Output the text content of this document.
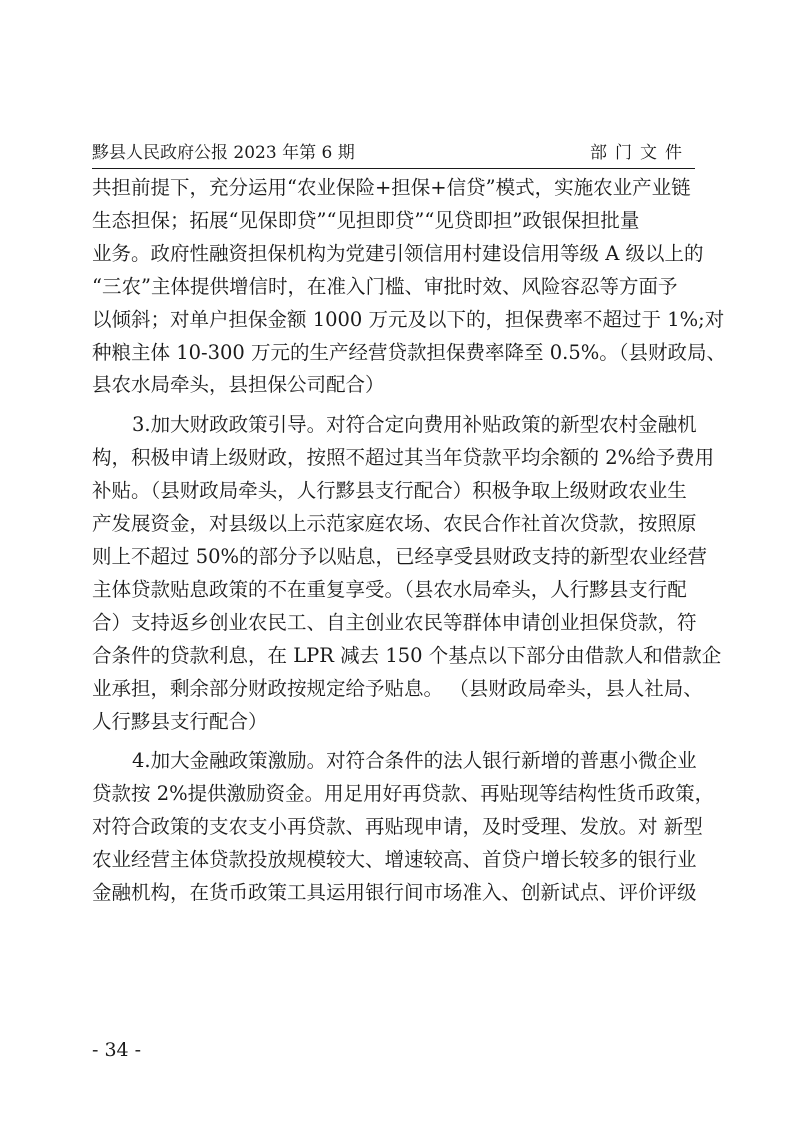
黟县人民政府公报 2023 年第 6 期	部门文件

共担前提下，充分运用“农业保险+担保+信贷”模式，实施农业产业链
生态担保；拓展“见保即贷”“见担即贷”“见贷即担”政银保担批量
业务。政府性融资担保机构为党建引领信用村建设信用等级 A 级以上的
“三农”主体提供增信时，在准入门槛、审批时效、风险容忍等方面予
以倾斜；对单户担保金额 1000 万元及以下的，担保费率不超过于 1%;对
种粮主体 10-300 万元的生产经营贷款担保费率降至 0.5%。（县财政局、
县农水局牵头，县担保公司配合）

3.加大财政政策引导。对符合定向费用补贴政策的新型农村金融机
构，积极申请上级财政，按照不超过其当年贷款平均余额的 2%给予费用
补贴。（县财政局牵头，人行黟县支行配合）积极争取上级财政农业生
产发展资金，对县级以上示范家庭农场、农民合作社首次贷款，按照原
则上不超过 50%的部分予以贴息，已经享受县财政支持的新型农业经营
主体贷款贴息政策的不在重复享受。（县农水局牵头，人行黟县支行配
合）支持返乡创业农民工、自主创业农民等群体申请创业担保贷款，符
合条件的贷款利息，在 LPR 减去 150 个基点以下部分由借款人和借款企
业承担，剩余部分财政按规定给予贴息。 （县财政局牵头，县人社局、
人行黟县支行配合）

4.加大金融政策激励。对符合条件的法人银行新增的普惠小微企业
贷款按 2%提供激励资金。用足用好再贷款、再贴现等结构性货币政策，
对符合政策的支农支小再贷款、再贴现申请，及时受理、发放。对 新型
农业经营主体贷款投放规模较大、增速较高、首贷户增长较多的银行业
金融机构，在货币政策工具运用银行间市场准入、创新试点、评价评级

- 34 -
